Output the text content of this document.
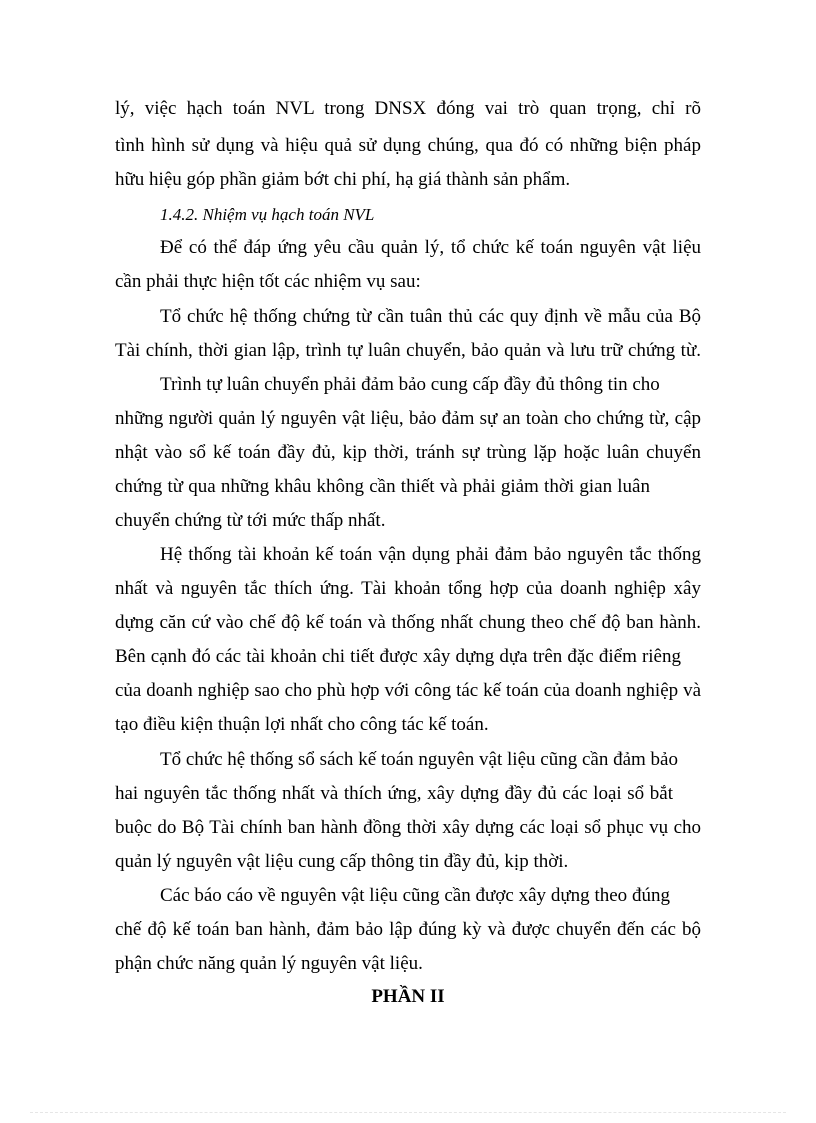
lý, việc hạch toán NVL trong DNSX đóng vai trò quan trọng, chỉ rõ
tình hình sử dụng và hiệu quả sử dụng chúng, qua đó có những biện pháp
hữu hiệu góp phần giảm bớt chi phí, hạ giá thành sản phẩm.
1.4.2. Nhiệm vụ hạch toán NVL
Để có thể đáp ứng yêu cầu quản lý, tổ chức kế toán nguyên vật liệu
cần phải thực hiện tốt các nhiệm vụ sau:
Tổ chức hệ thống chứng từ cần tuân thủ các quy định về mẫu của Bộ
Tài chính, thời gian lập, trình tự luân chuyển, bảo quản và lưu trữ chứng từ.
Trình tự luân chuyển phải đảm bảo cung cấp đầy đủ thông tin cho
những người quản lý nguyên vật liệu, bảo đảm sự an toàn cho chứng từ, cập
nhật vào sổ kế toán đầy đủ, kịp thời, tránh sự trùng lặp hoặc luân chuyển
chứng từ qua những khâu không cần thiết và phải giảm thời gian luân
chuyển chứng từ tới mức thấp nhất.
Hệ thống tài khoản kế toán vận dụng phải đảm bảo nguyên tắc thống
nhất và nguyên tắc thích ứng. Tài khoản tổng hợp của doanh nghiệp xây
dựng căn cứ vào chế độ kế toán và thống nhất chung theo chế độ ban hành.
Bên cạnh đó các tài khoản chi tiết được xây dựng dựa trên đặc điểm riêng
của doanh nghiệp sao cho phù hợp với công tác kế toán của doanh nghiệp và
tạo điều kiện thuận lợi nhất cho công tác kế toán.
Tổ chức hệ thống sổ sách kế toán nguyên vật liệu cũng cần đảm bảo
hai nguyên tắc thống nhất và thích ứng, xây dựng đầy đủ các loại sổ bắt
buộc do Bộ Tài chính ban hành đồng thời xây dựng các loại sổ phục vụ cho
quản lý nguyên vật liệu cung cấp thông tin đầy đủ, kịp thời.
Các báo cáo về nguyên vật liệu cũng cần được xây dựng theo đúng
chế độ kế toán ban hành, đảm bảo lập đúng kỳ và được chuyển đến các bộ
phận chức năng quản lý nguyên vật liệu.
PHẦN II
